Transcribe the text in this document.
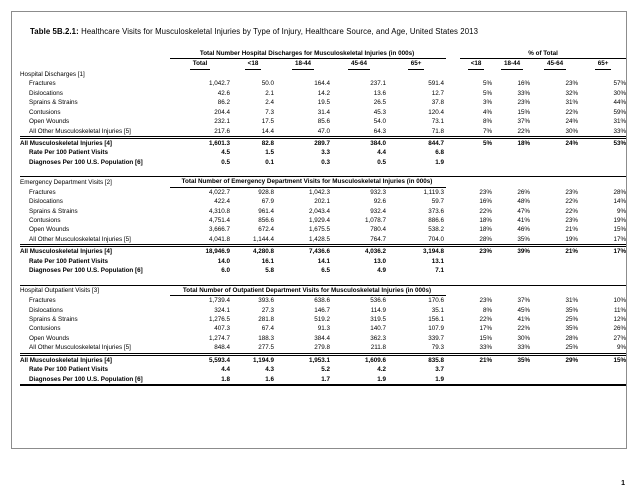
Table 5B.2.1: Healthcare Visits for Musculoskeletal Injuries by Type of Injury, Healthcare Source, and Age, United States 2013

	Total Number Hospital Discharges for Musculoskeletal Injuries (in 000s)						% of Total			
	Total	<18	18-44	45-64	65+		<18	18-44	45-64	65+
Hospital Discharges [1]										
Fractures	1,042.7	50.0	164.4	237.1	591.4		5%	16%	23%	57%
Dislocations	42.6	2.1	14.2	13.6	12.7		5%	33%	32%	30%
Sprains & Strains	86.2	2.4	19.5	26.5	37.8		3%	23%	31%	44%
Contusions	204.4	7.3	31.4	45.3	120.4		4%	15%	22%	59%
Open Wounds	232.1	17.5	85.6	54.0	73.1		8%	37%	24%	31%
All Other Musculoskeletal Injuries [5]	217.6	14.4	47.0	64.3	71.8		7%	22%	30%	33%
All Musculoskeletal Injuries [4]	1,601.3	82.8	289.7	384.0	844.7		5%	18%	24%	53%
Rate Per 100 Patient Visits	4.5	1.5	3.3	4.4	6.8					
Diagnoses Per 100 U.S. Population [6]	0.5	0.1	0.3	0.5	1.9					
Emergency Department Visits [2]	Total Number of Emergency Department Visits for Musculoskeletal Injuries (in 000s)									
Fractures	4,022.7	928.8	1,042.3	932.3	1,119.3		23%	26%	23%	28%
Dislocations	422.4	67.9	202.1	92.6	59.7		16%	48%	22%	14%
Sprains & Strains	4,310.8	961.4	2,043.4	932.4	373.6		22%	47%	22%	9%
Contusions	4,751.4	856.6	1,929.4	1,078.7	886.6		18%	41%	23%	19%
Open Wounds	3,666.7	672.4	1,675.5	780.4	538.2		18%	46%	21%	15%
All Other Musculoskeletal Injuries [5]	4,041.8	1,144.4	1,428.5	764.7	704.0		28%	35%	19%	17%
All Musculoskeletal Injuries [4]	18,946.9	4,280.8	7,436.6	4,036.2	3,194.8		23%	39%	21%	17%
Rate Per 100 Patient Visits	14.0	16.1	14.1	13.0	13.1					
Diagnoses Per 100 U.S. Population [6]	6.0	5.8	6.5	4.9	7.1					
Hospital Outpatient Visits [3]	Total Number of Outpatient Department Visits for Musculoskeletal Injuries (in 000s)									
Fractures	1,739.4	393.6	638.6	536.6	170.6		23%	37%	31%	10%
Dislocations	324.1	27.3	146.7	114.9	35.1		8%	45%	35%	11%
Sprains & Strains	1,276.5	281.8	519.2	319.5	156.1		22%	41%	25%	12%
Contusions	407.3	67.4	91.3	140.7	107.9		17%	22%	35%	26%
Open Wounds	1,274.7	188.3	384.4	362.3	339.7		15%	30%	28%	27%
All Other Musculoskeletal Injuries [5]	848.4	277.5	279.8	211.8	79.3		33%	33%	25%	9%
All Musculoskeletal Injuries [4]	5,593.4	1,194.9	1,953.1	1,609.6	835.8		21%	35%	29%	15%
Rate Per 100 Patient Visits	4.4	4.3	5.2	4.2	3.7					
Diagnoses Per 100 U.S. Population [6]	1.8	1.6	1.7	1.9	1.9					
1
